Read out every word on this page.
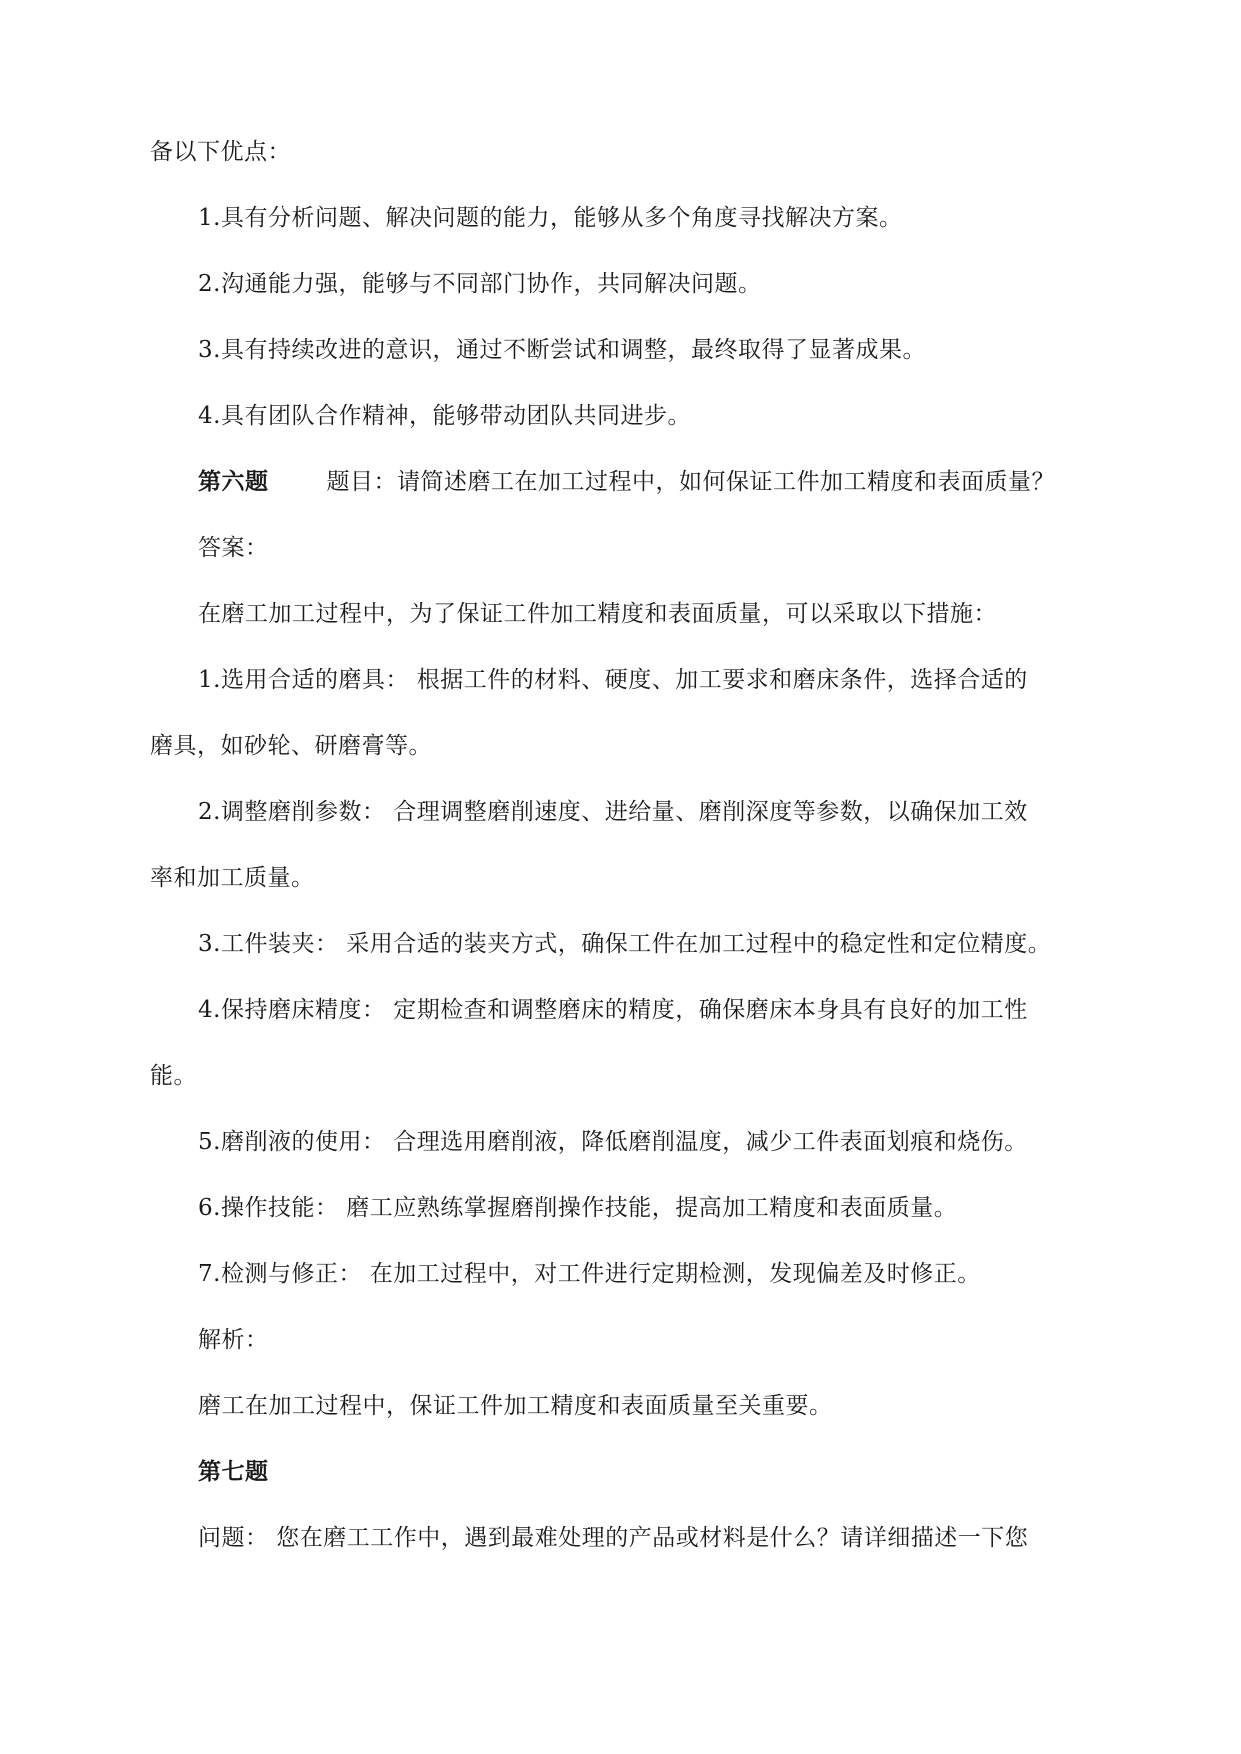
备以下优点：
1.具有分析问题、解决问题的能力，能够从多个角度寻找解决方案。
2.沟通能力强，能够与不同部门协作，共同解决问题。
3.具有持续改进的意识，通过不断尝试和调整，最终取得了显著成果。
4.具有团队合作精神，能够带动团队共同进步。
第六题	题目：请简述磨工在加工过程中，如何保证工件加工精度和表面质量？
答案：
在磨工加工过程中，为了保证工件加工精度和表面质量，可以采取以下措施：
1.选用合适的磨具： 根据工件的材料、硬度、加工要求和磨床条件，选择合适的
磨具，如砂轮、研磨膏等。
2.调整磨削参数： 合理调整磨削速度、进给量、磨削深度等参数，以确保加工效
率和加工质量。
3.工件装夹： 采用合适的装夹方式，确保工件在加工过程中的稳定性和定位精度。
4.保持磨床精度： 定期检查和调整磨床的精度，确保磨床本身具有良好的加工性
能。
5.磨削液的使用： 合理选用磨削液，降低磨削温度，减少工件表面划痕和烧伤。
6.操作技能： 磨工应熟练掌握磨削操作技能，提高加工精度和表面质量。
7.检测与修正： 在加工过程中，对工件进行定期检测，发现偏差及时修正。
解析：
磨工在加工过程中，保证工件加工精度和表面质量至关重要。
第七题
问题： 您在磨工工作中，遇到最难处理的产品或材料是什么？请详细描述一下您
